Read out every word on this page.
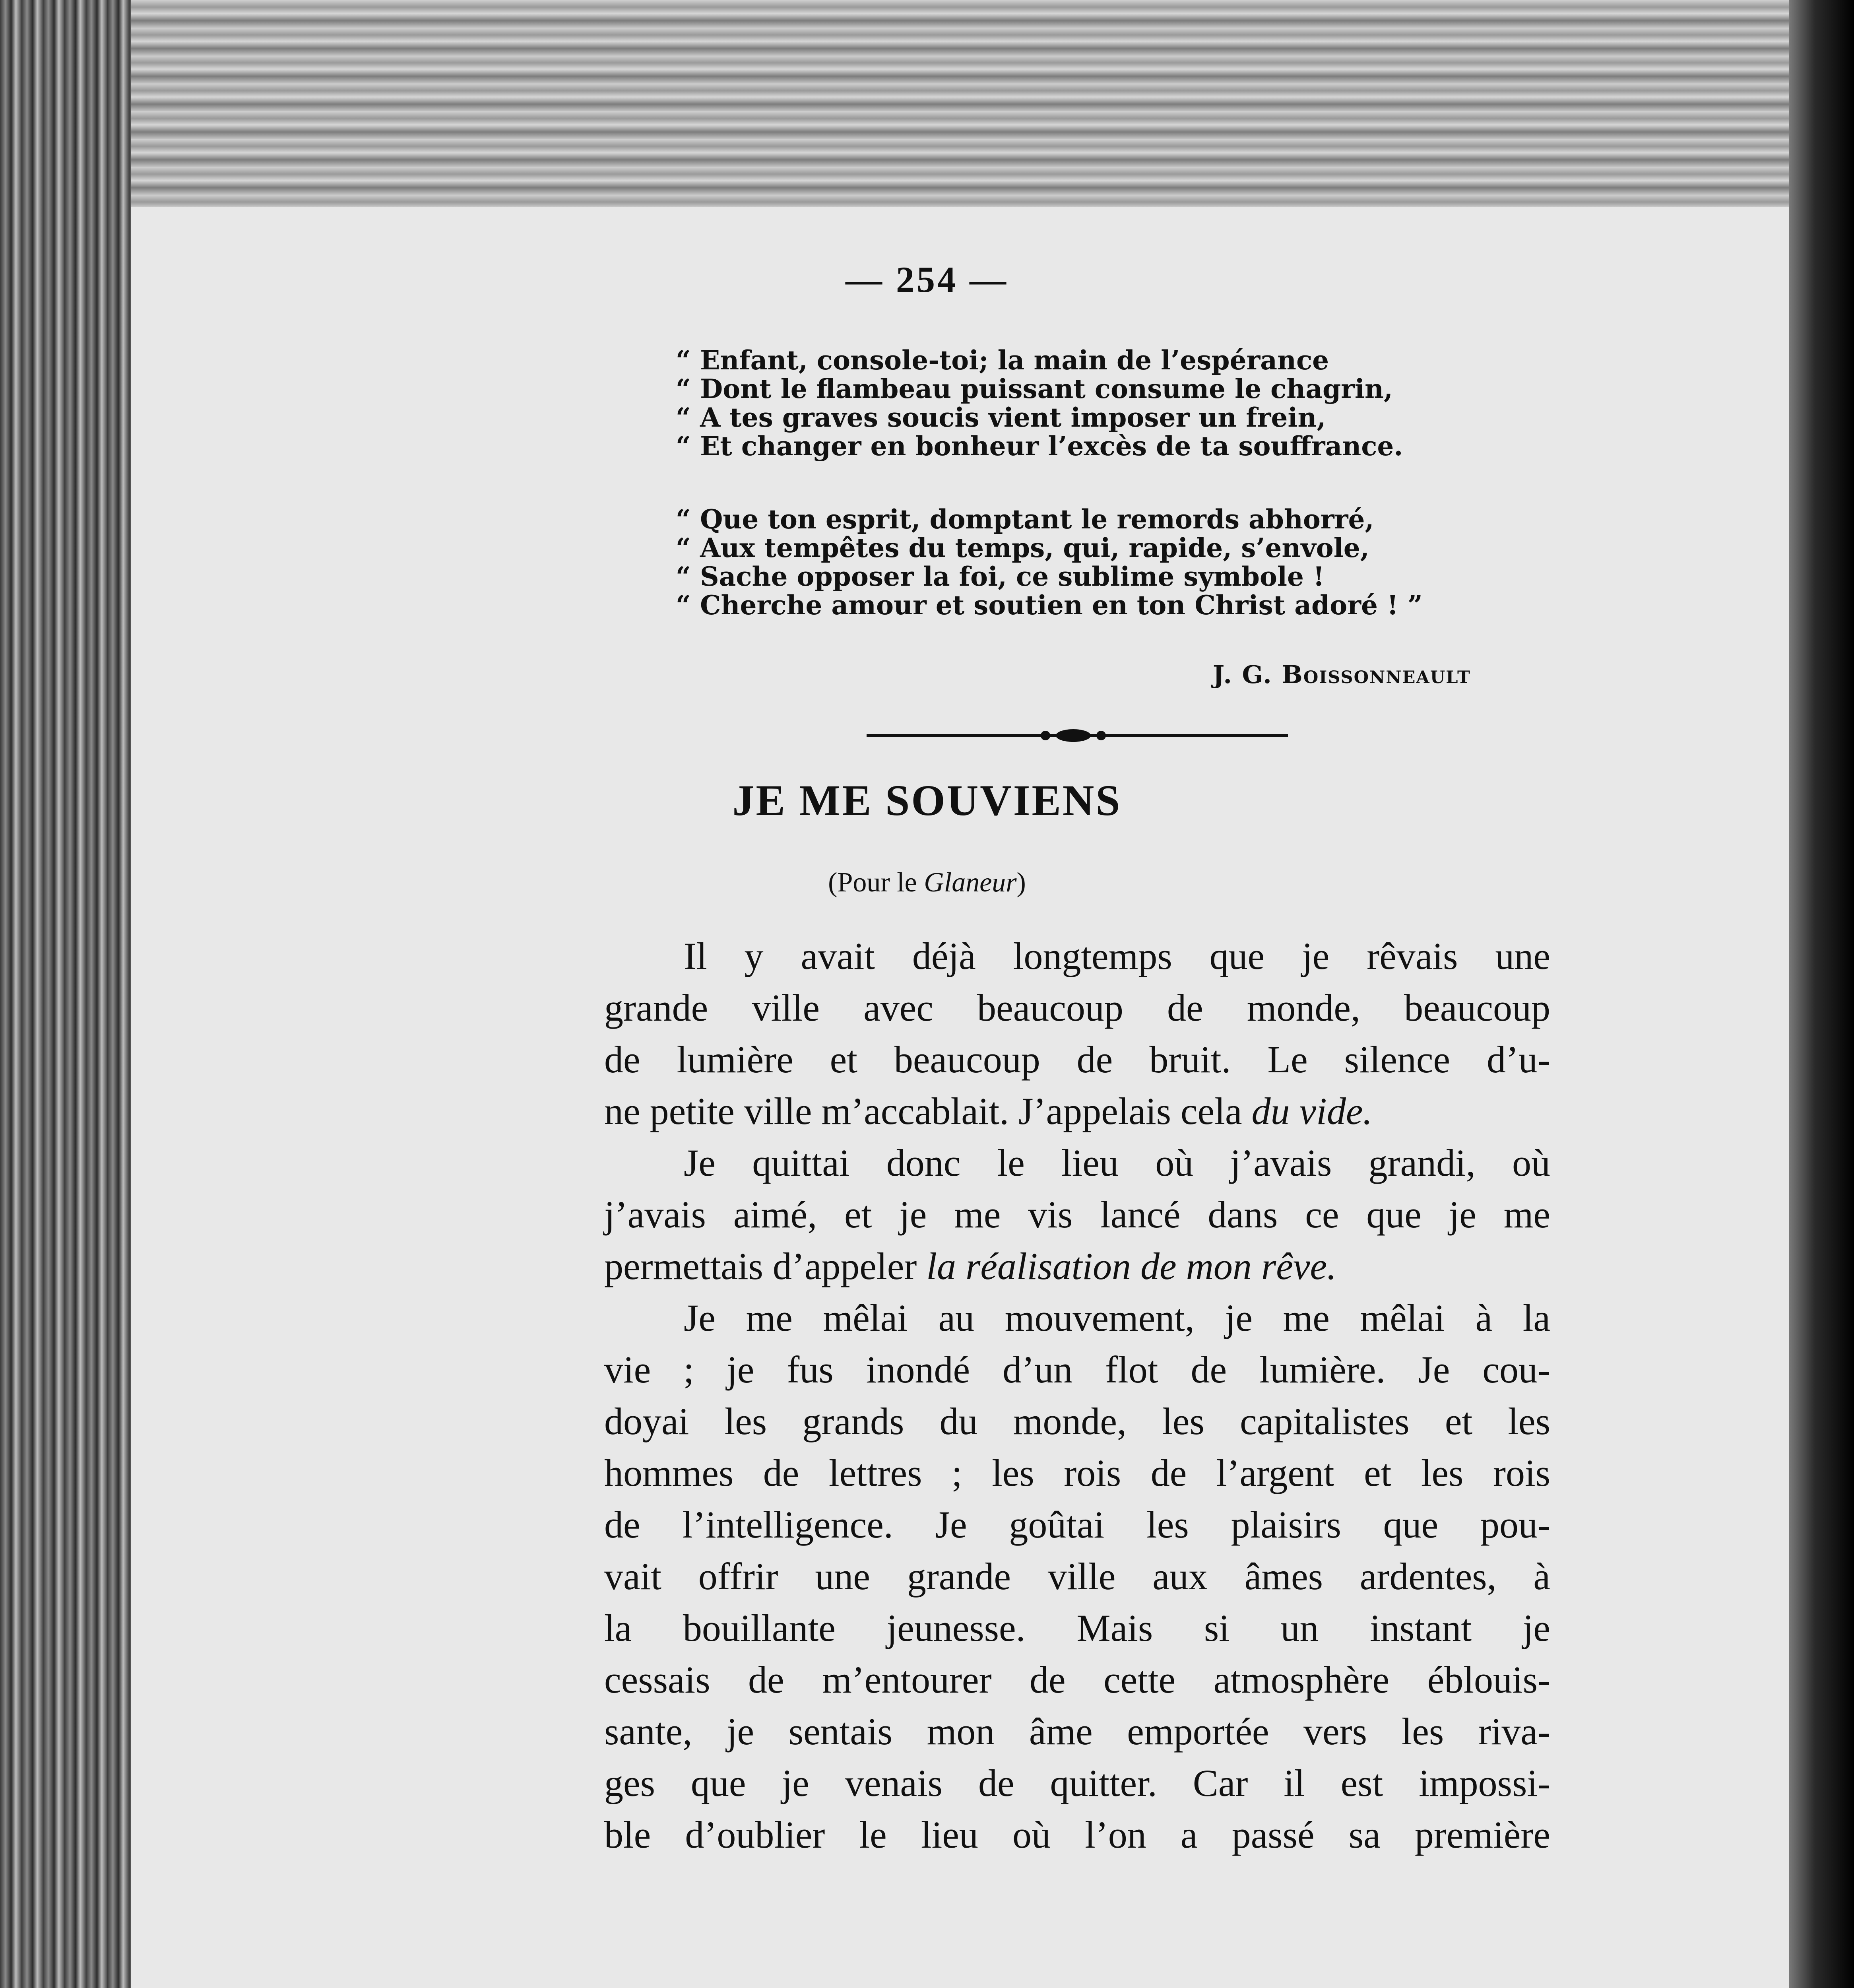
— 254 —
“ Enfant, console-toi; la main de l’espérance
“ Dont le flambeau puissant consume le chagrin,
“ A tes graves soucis vient imposer un frein,
“ Et changer en bonheur l’excès de ta souffrance.
“ Que ton esprit, domptant le remords abhorré,
“ Aux tempêtes du temps, qui, rapide, s’envole,
“ Sache opposer la foi, ce sublime symbole !
“ Cherche amour et soutien en ton Christ adoré ! ”
J. G. Boissonneault
JE ME SOUVIENS
(Pour le Glaneur)
Il y avait déjà longtemps que je rêvais une
grande ville avec beaucoup de monde, beaucoup
de lumière et beaucoup de bruit. Le silence d’u-
ne petite ville m’accablait. J’appelais cela du vide.
Je quittai donc le lieu où j’avais grandi, où
j’avais aimé, et je me vis lancé dans ce que je me
permettais d’appeler la réalisation de mon rêve.
Je me mêlai au mouvement, je me mêlai à la
vie ; je fus inondé d’un flot de lumière. Je cou-
doyai les grands du monde, les capitalistes et les
hommes de lettres ; les rois de l’argent et les rois
de l’intelligence. Je goûtai les plaisirs que pou-
vait offrir une grande ville aux âmes ardentes, à
la bouillante jeunesse. Mais si un instant je
cessais de m’entourer de cette atmosphère éblouis-
sante, je sentais mon âme emportée vers les riva-
ges que je venais de quitter. Car il est impossi-
ble d’oublier le lieu où l’on a passé sa première
